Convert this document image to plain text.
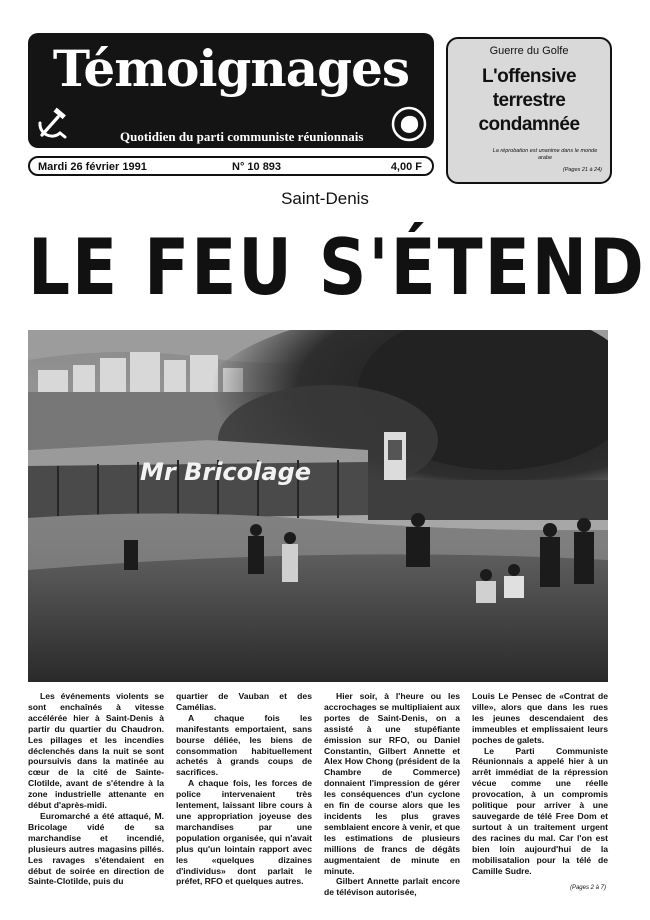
Témoignages
Quotidien du parti communiste réunionnais
Guerre du Golfe
L'offensive
terrestre
condamnée
La réprobation est unanime dans le monde arabe
(Pages 21 à 24)
Mardi 26 février 1991	N° 10 893	4,00 F
Saint-Denis
LE FEU S'ÉTEND
Mr Bricolage

Les événements violents se sont enchaînés à vitesse accélérée hier à Saint-Denis à partir du quartier du Chaudron. Les pillages et les incendies déclenchés dans la nuit se sont poursuivis dans la matinée au cœur de la cité de Sainte-Clotilde, avant de s'étendre à la zone industrielle attenante en début d'après-midi.

Euromarché a été attaqué, M. Bricolage vidé de sa marchandise et incendié, plusieurs autres magasins pillés. Les ravages s'étendaient en début de soirée en direction de Sainte-Clotilde, puis du

quartier de Vauban et des Camélias.

A chaque fois les manifestants emportaient, sans bourse déliée, les biens de consommation habituellement achetés à grands coups de sacrifices.

A chaque fois, les forces de police intervenaient très lentement, laissant libre cours à une appropriation joyeuse des marchandises par une population organisée, qui n'avait plus qu'un lointain rapport avec les «quelques dizaines d'individus» dont parlait le préfet, RFO et quelques autres.

Hier soir, à l'heure ou les accrochages se multipliaient aux portes de Saint-Denis, on a assisté à une stupéfiante émission sur RFO, ou Daniel Constantin, Gilbert Annette et Alex How Chong (président de la Chambre de Commerce) donnaient l'impression de gérer les conséquences d'un cyclone en fin de course alors que les incidents les plus graves semblaient encore à venir, et que les estimations de plusieurs millions de francs de dégâts augmentaient de minute en minute.

Gilbert Annette parlait encore de télévison autorisée,

Louis Le Pensec de «Contrat de ville», alors que dans les rues les jeunes descendaient des immeubles et emplissaient leurs poches de galets.

Le Parti Communiste Réunionnais a appelé hier à un arrêt immédiat de la répression vécue comme une réelle provocation, à un compromis politique pour arriver à une sauvegarde de télé Free Dom et surtout à un traitement urgent des racines du mal. Car l'on est bien loin aujourd'hui de la mobilisatalion pour la télé de Camille Sudre.

(Pages 2 à 7)
